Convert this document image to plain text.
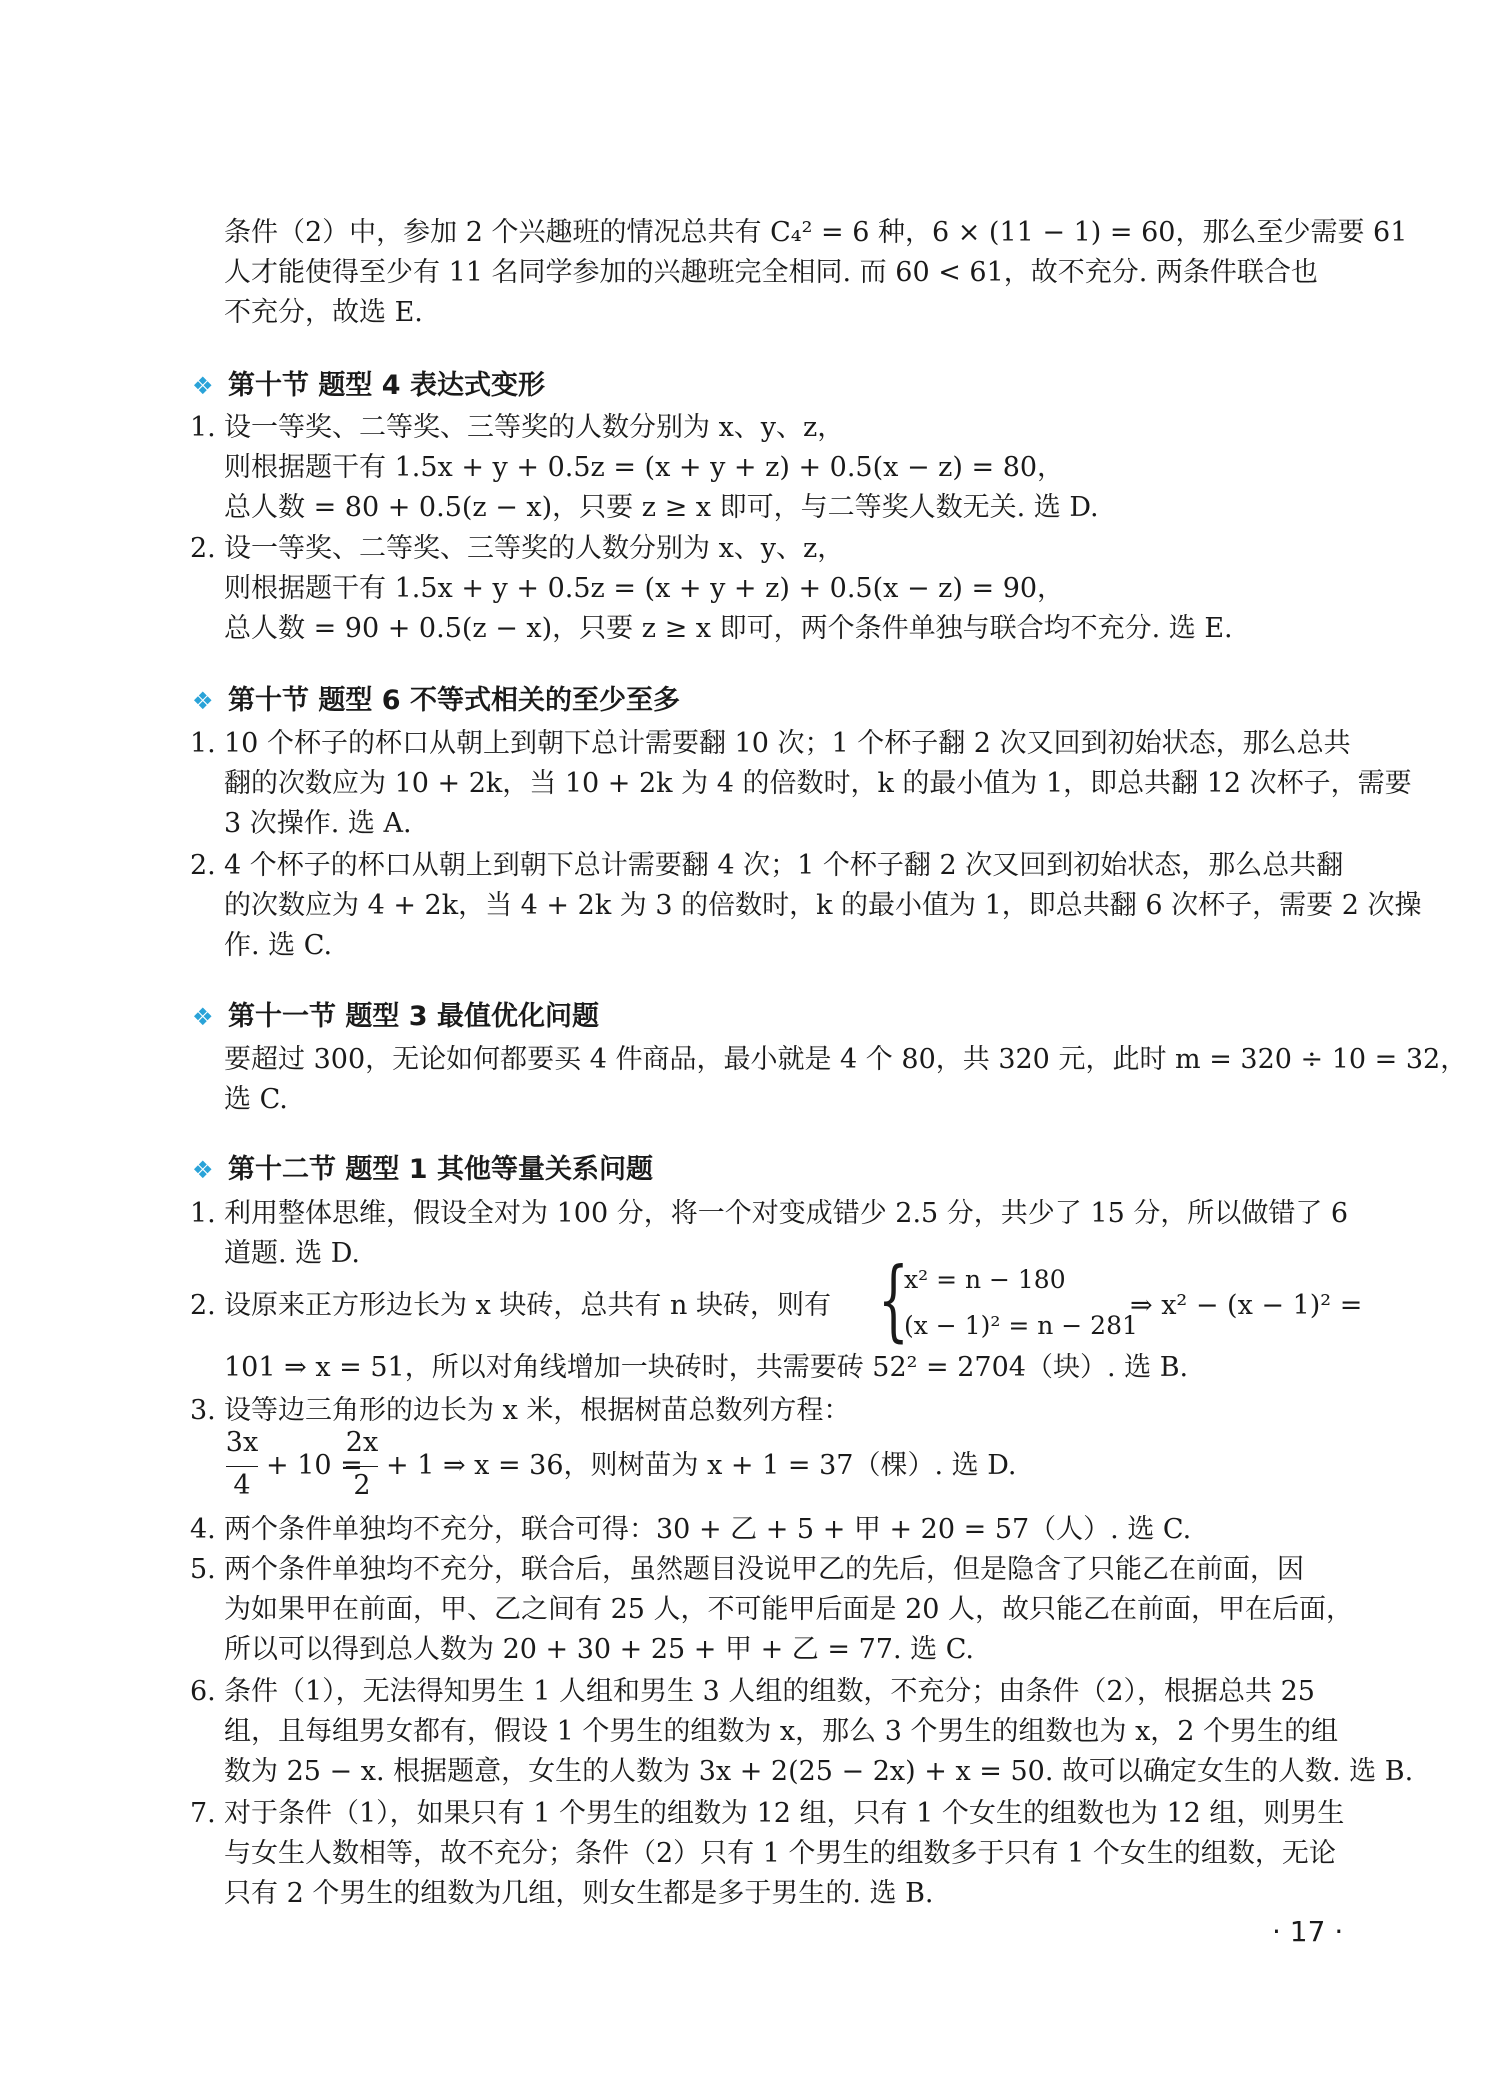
条件（2）中，参加 2 个兴趣班的情况总共有 C₄² = 6 种，6 × (11 − 1) = 60，那么至少需要 61
人才能使得至少有 11 名同学参加的兴趣班完全相同. 而 60 < 61，故不充分. 两条件联合也
不充分，故选 E.
❖ 第十节 题型 4 表达式变形
1. 设一等奖、二等奖、三等奖的人数分别为 x、y、z，
则根据题干有 1.5x + y + 0.5z = (x + y + z) + 0.5(x − z) = 80，
总人数 = 80 + 0.5(z − x)，只要 z ≥ x 即可，与二等奖人数无关. 选 D.
2. 设一等奖、二等奖、三等奖的人数分别为 x、y、z，
则根据题干有 1.5x + y + 0.5z = (x + y + z) + 0.5(x − z) = 90，
总人数 = 90 + 0.5(z − x)，只要 z ≥ x 即可，两个条件单独与联合均不充分. 选 E.
❖ 第十节 题型 6 不等式相关的至少至多
1. 10 个杯子的杯口从朝上到朝下总计需要翻 10 次；1 个杯子翻 2 次又回到初始状态，那么总共
翻的次数应为 10 + 2k，当 10 + 2k 为 4 的倍数时，k 的最小值为 1，即总共翻 12 次杯子，需要
3 次操作. 选 A.
2. 4 个杯子的杯口从朝上到朝下总计需要翻 4 次；1 个杯子翻 2 次又回到初始状态，那么总共翻
的次数应为 4 + 2k，当 4 + 2k 为 3 的倍数时，k 的最小值为 1，即总共翻 6 次杯子，需要 2 次操
作. 选 C.
❖ 第十一节 题型 3 最值优化问题
要超过 300，无论如何都要买 4 件商品，最小就是 4 个 80，共 320 元，此时 m = 320 ÷ 10 = 32，
选 C.
❖ 第十二节 题型 1 其他等量关系问题
1. 利用整体思维，假设全对为 100 分，将一个对变成错少 2.5 分，共少了 15 分，所以做错了 6
道题. 选 D.
2. 设原来正方形边长为 x 块砖，总共有 n 块砖，则有 {
x² = n − 180
(x − 1)² = n − 281
⇒ x² − (x − 1)² =
101 ⇒ x = 51，所以对角线增加一块砖时，共需要砖 52² = 2704（块）. 选 B.
3. 设等边三角形的边长为 x 米，根据树苗总数列方程：
3x
4
+ 10 =
2x
2
+ 1 ⇒ x = 36，则树苗为 x + 1 = 37（棵）. 选 D.
4. 两个条件单独均不充分，联合可得：30 + 乙 + 5 + 甲 + 20 = 57（人）. 选 C.
5. 两个条件单独均不充分，联合后，虽然题目没说甲乙的先后，但是隐含了只能乙在前面，因
为如果甲在前面，甲、乙之间有 25 人，不可能甲后面是 20 人，故只能乙在前面，甲在后面，
所以可以得到总人数为 20 + 30 + 25 + 甲 + 乙 = 77. 选 C.
6. 条件（1），无法得知男生 1 人组和男生 3 人组的组数，不充分；由条件（2），根据总共 25
组，且每组男女都有，假设 1 个男生的组数为 x，那么 3 个男生的组数也为 x，2 个男生的组
数为 25 − x. 根据题意，女生的人数为 3x + 2(25 − 2x) + x = 50. 故可以确定女生的人数. 选 B.
7. 对于条件（1），如果只有 1 个男生的组数为 12 组，只有 1 个女生的组数也为 12 组，则男生
与女生人数相等，故不充分；条件（2）只有 1 个男生的组数多于只有 1 个女生的组数，无论
只有 2 个男生的组数为几组，则女生都是多于男生的. 选 B.
· 17 ·
